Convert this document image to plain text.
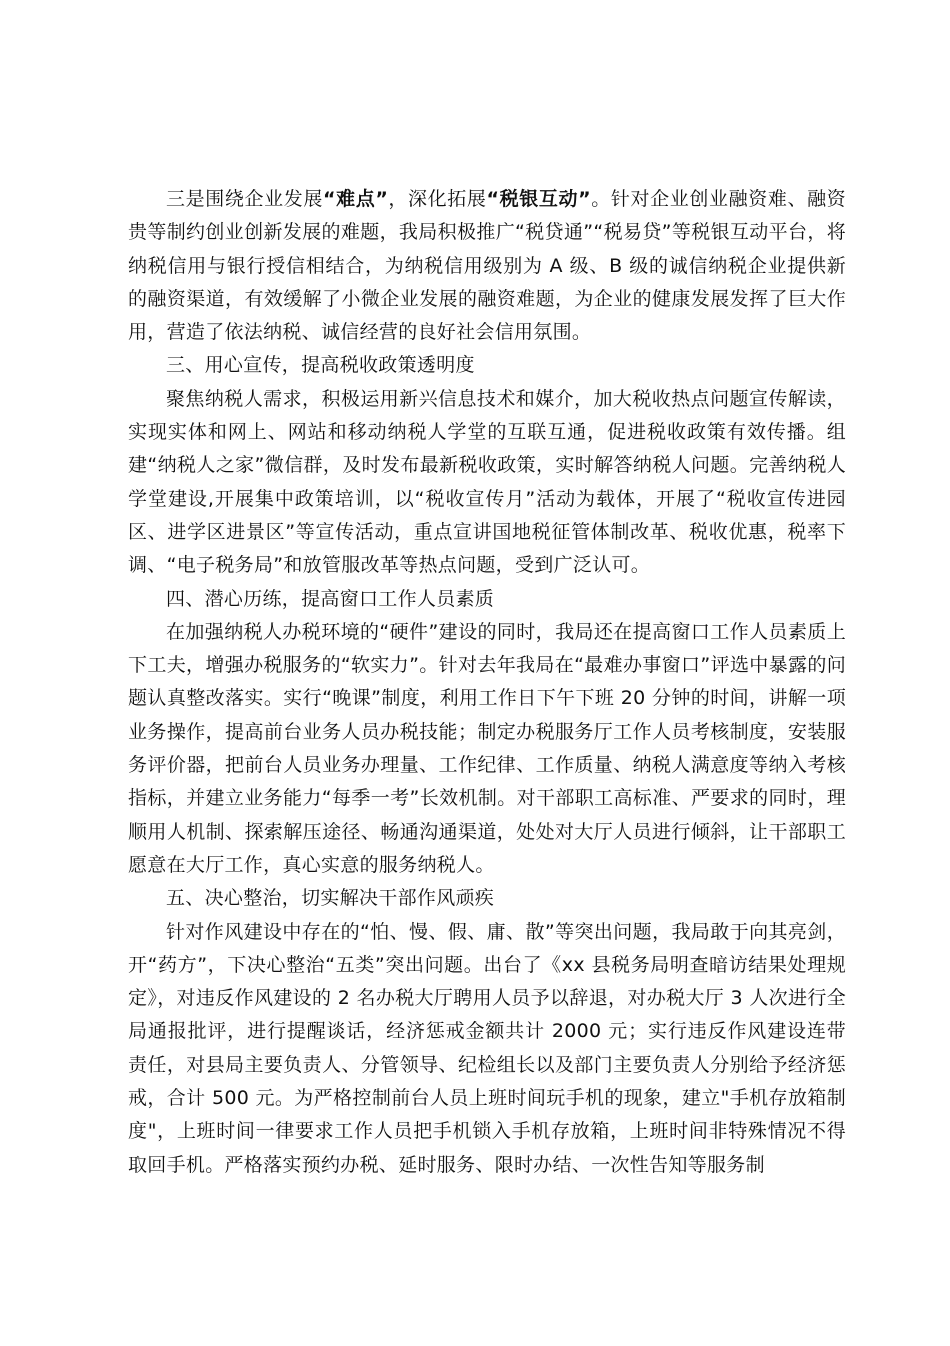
三是围绕企业发展“难点”，深化拓展“税银互动”。针对企业创业融资难、融资贵等制约创业创新发展的难题，我局积极推广“税贷通”“税易贷”等税银互动平台，将纳税信用与银行授信相结合，为纳税信用级别为 A 级、B 级的诚信纳税企业提供新的融资渠道，有效缓解了小微企业发展的融资难题，为企业的健康发展发挥了巨大作用，营造了依法纳税、诚信经营的良好社会信用氛围。

三、用心宣传，提高税收政策透明度

聚焦纳税人需求，积极运用新兴信息技术和媒介，加大税收热点问题宣传解读，实现实体和网上、网站和移动纳税人学堂的互联互通，促进税收政策有效传播。组建“纳税人之家”微信群，及时发布最新税收政策，实时解答纳税人问题。完善纳税人学堂建设,开展集中政策培训，以“税收宣传月”活动为载体，开展了“税收宣传进园区、进学区进景区”等宣传活动，重点宣讲国地税征管体制改革、税收优惠，税率下调、“电子税务局”和放管服改革等热点问题，受到广泛认可。

四、潜心历练，提高窗口工作人员素质

在加强纳税人办税环境的“硬件”建设的同时，我局还在提高窗口工作人员素质上下工夫，增强办税服务的“软实力”。针对去年我局在“最难办事窗口”评选中暴露的问题认真整改落实。实行“晚课”制度，利用工作日下午下班 20 分钟的时间，讲解一项业务操作，提高前台业务人员办税技能；制定办税服务厅工作人员考核制度，安装服务评价器，把前台人员业务办理量、工作纪律、工作质量、纳税人满意度等纳入考核指标，并建立业务能力“每季一考”长效机制。对干部职工高标准、严要求的同时，理顺用人机制、探索解压途径、畅通沟通渠道，处处对大厅人员进行倾斜，让干部职工愿意在大厅工作，真心实意的服务纳税人。

五、决心整治，切实解决干部作风顽疾

针对作风建设中存在的“怕、慢、假、庸、散”等突出问题，我局敢于向其亮剑，开“药方”，下决心整治“五类”突出问题。出台了《xx 县税务局明查暗访结果处理规定》，对违反作风建设的 2 名办税大厅聘用人员予以辞退，对办税大厅 3 人次进行全局通报批评，进行提醒谈话，经济惩戒金额共计 2000 元；实行违反作风建设连带责任，对县局主要负责人、分管领导、纪检组长以及部门主要负责人分别给予经济惩戒，合计 500 元。为严格控制前台人员上班时间玩手机的现象，建立"手机存放箱制度"，上班时间一律要求工作人员把手机锁入手机存放箱，上班时间非特殊情况不得取回手机。严格落实预约办税、延时服务、限时办结、一次性告知等服务制
